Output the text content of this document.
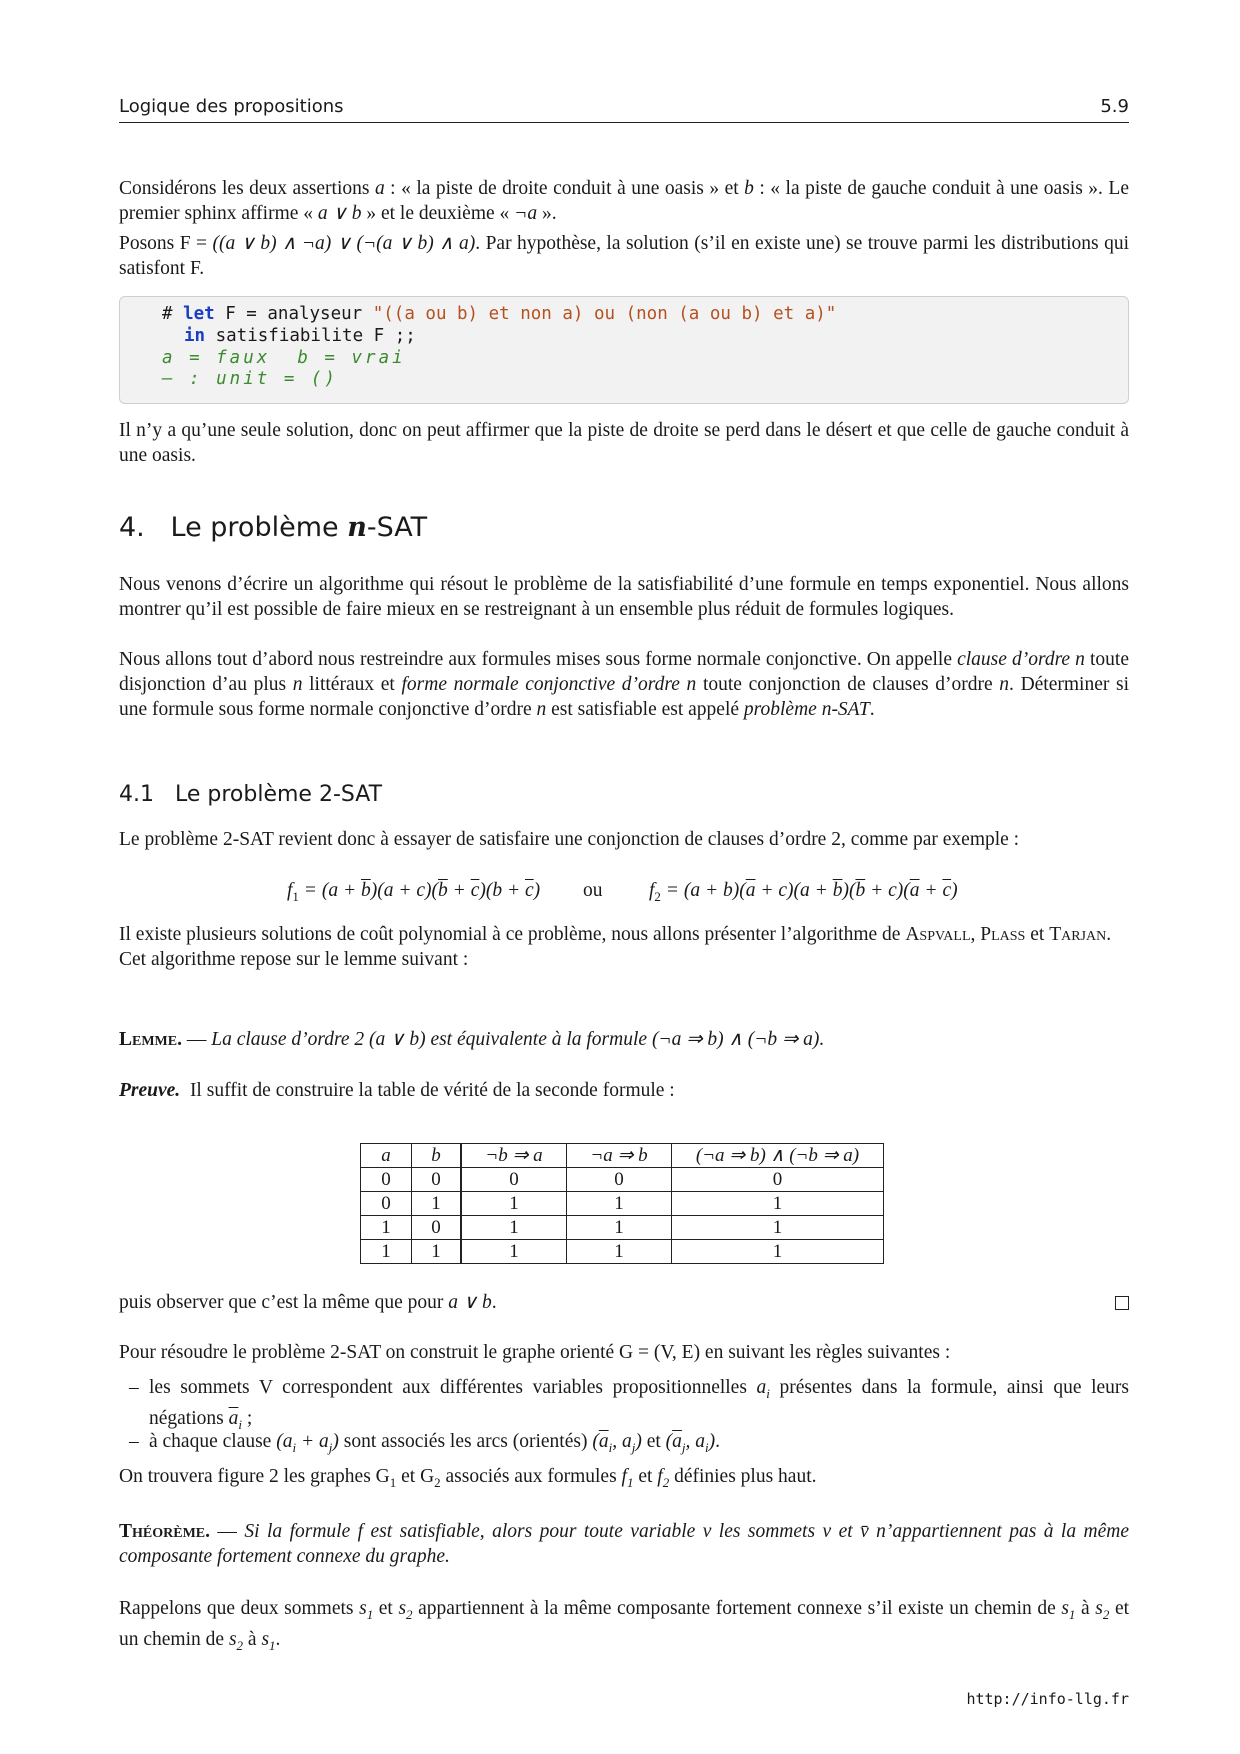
Logique des propositions	5.9

Considérons les deux assertions a : « la piste de droite conduit à une oasis » et b : « la piste de gauche conduit à une oasis ». Le premier sphinx affirme « a ∨ b » et le deuxième « ¬a ».

Posons F = ((a ∨ b) ∧ ¬a) ∨ (¬(a ∨ b) ∧ a). Par hypothèse, la solution (s’il en existe une) se trouve parmi les distributions qui satisfont F.

# let F = analyseur "((a ou b) et non a) ou (non (a ou b) et a)"
in satisfiabilite F ;;
a = faux  b = vrai
– : unit = ()

Il n’y a qu’une seule solution, donc on peut affirmer que la piste de droite se perd dans le désert et que celle de gauche conduit à une oasis.

4. Le problème n-SAT

Nous venons d’écrire un algorithme qui résout le problème de la satisfiabilité d’une formule en temps exponentiel. Nous allons montrer qu’il est possible de faire mieux en se restreignant à un ensemble plus réduit de formules logiques.

Nous allons tout d’abord nous restreindre aux formules mises sous forme normale conjonctive. On appelle clause d’ordre n toute disjonction d’au plus n littéraux et forme normale conjonctive d’ordre n toute conjonction de clauses d’ordre n. Déterminer si une formule sous forme normale conjonctive d’ordre n est satisfiable est appelé problème n-SAT.

4.1 Le problème 2-SAT

Le problème 2-SAT revient donc à essayer de satisfaire une conjonction de clauses d’ordre 2, comme par exemple :

$f_1 = (a + \overline{b})(a + c)(\overline{b} + \overline{c})(b + \overline{c})$ ou $f_2 = (a + b)(\overline{a} + c)(a + \overline{b})(\overline{b} + c)(\overline{a} + \overline{c})$

Il existe plusieurs solutions de coût polynomial à ce problème, nous allons présenter l’algorithme de Aspvall, Plass et Tarjan.
Cet algorithme repose sur le lemme suivant :

Lemme. — La clause d’ordre 2 (a ∨ b) est équivalente à la formule (¬a ⇒ b) ∧ (¬b ⇒ a).

Preuve. Il suffit de construire la table de vérité de la seconde formule :

a	b	¬b ⇒ a	¬a ⇒ b	(¬a ⇒ b) ∧ (¬b ⇒ a)
0	0	0	0	0
0	1	1	1	1
1	0	1	1	1
1	1	1	1	1

puis observer que c’est la même que pour a ∨ b.

Pour résoudre le problème 2-SAT on construit le graphe orienté G = (V, E) en suivant les règles suivantes :

– les sommets V correspondent aux différentes variables propositionnelles $a_i$ présentes dans la formule, ainsi que leurs négations $\overline{a}_i$ ;

– à chaque clause $(a_i + a_j)$ sont associés les arcs (orientés) ($\overline{a}_i$, $a_j$) et ($\overline{a}_j$, $a_i$).

On trouvera figure 2 les graphes $G_1$ et $G_2$ associés aux formules $f_1$ et $f_2$ définies plus haut.

Théorème. — Si la formule f est satisfiable, alors pour toute variable v les sommets v et v̄ n’appartiennent pas à la même composante fortement connexe du graphe.

Rappelons que deux sommets $s_1$ et $s_2$ appartiennent à la même composante fortement connexe s’il existe un chemin de $s_1$ à $s_2$ et un chemin de $s_2$ à $s_1$.

http://info-llg.fr
